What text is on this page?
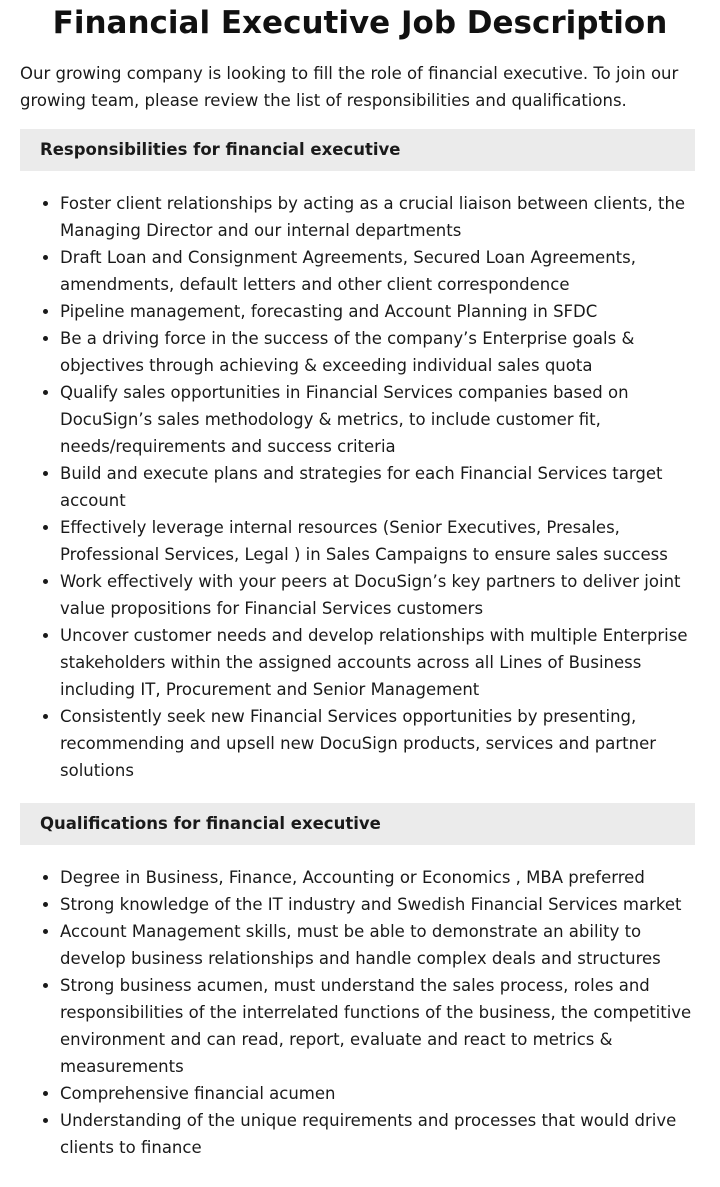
Financial Executive Job Description

Our growing company is looking to fill the role of financial executive. To join our growing team, please review the list of responsibilities and qualifications.

Responsibilities for financial executive
• Foster client relationships by acting as a crucial liaison between clients, the Managing Director and our internal departments
• Draft Loan and Consignment Agreements, Secured Loan Agreements, amendments, default letters and other client correspondence
• Pipeline management, forecasting and Account Planning in SFDC
• Be a driving force in the success of the company’s Enterprise goals & objectives through achieving & exceeding individual sales quota
• Qualify sales opportunities in Financial Services companies based on DocuSign’s sales methodology & metrics, to include customer fit, needs/requirements and success criteria
• Build and execute plans and strategies for each Financial Services target account
• Effectively leverage internal resources (Senior Executives, Presales, Professional Services, Legal ) in Sales Campaigns to ensure sales success
• Work effectively with your peers at DocuSign’s key partners to deliver joint value propositions for Financial Services customers
• Uncover customer needs and develop relationships with multiple Enterprise stakeholders within the assigned accounts across all Lines of Business including IT, Procurement and Senior Management
• Consistently seek new Financial Services opportunities by presenting, recommending and upsell new DocuSign products, services and partner solutions
Qualifications for financial executive
• Degree in Business, Finance, Accounting or Economics , MBA preferred
• Strong knowledge of the IT industry and Swedish Financial Services market
• Account Management skills, must be able to demonstrate an ability to develop business relationships and handle complex deals and structures
• Strong business acumen, must understand the sales process, roles and responsibilities of the interrelated functions of the business, the competitive environment and can read, report, evaluate and react to metrics & measurements
• Comprehensive financial acumen
• Understanding of the unique requirements and processes that would drive clients to finance
